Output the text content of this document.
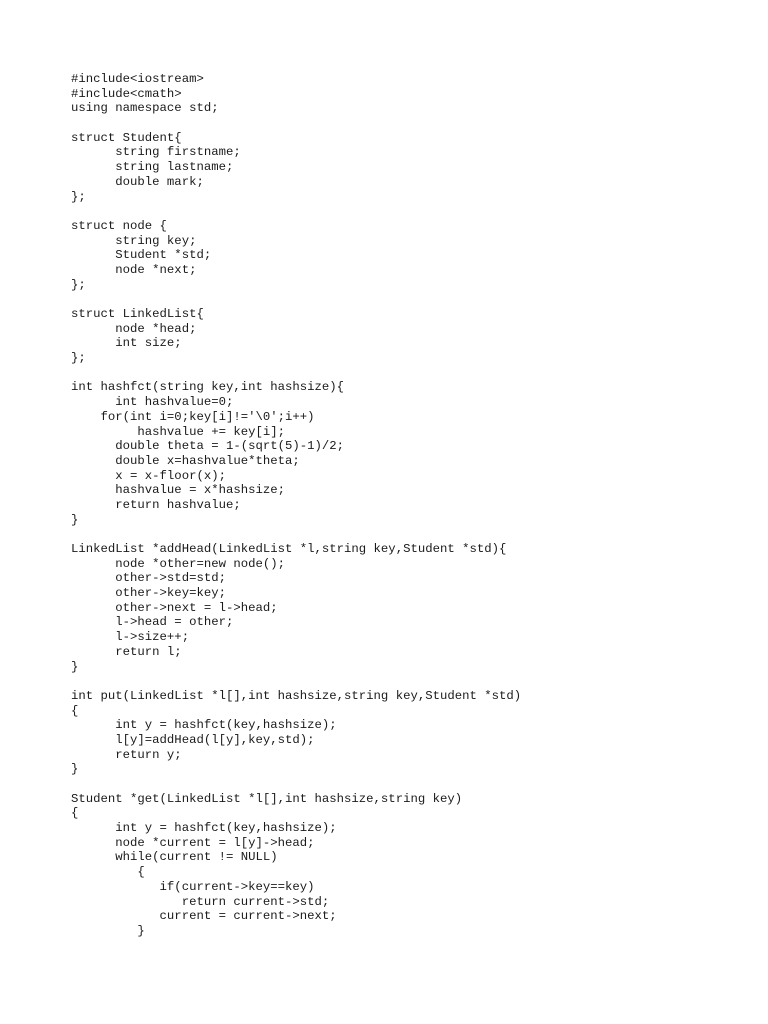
#include<iostream>
#include<cmath>
using namespace std;
struct Student{
string firstname;
string lastname;
double mark;
};
struct node {
string key;
Student *std;
node *next;
};
struct LinkedList{
node *head;
int size;
};
int hashfct(string key,int hashsize){
int hashvalue=0;
for(int i=0;key[i]!='\0';i++)
hashvalue += key[i];
double theta = 1-(sqrt(5)-1)/2;
double x=hashvalue*theta;
x = x-floor(x);
hashvalue = x*hashsize;
return hashvalue;
}
LinkedList *addHead(LinkedList *l,string key,Student *std){
node *other=new node();
other->std=std;
other->key=key;
other->next = l->head;
l->head = other;
l->size++;
return l;
}
int put(LinkedList *l[],int hashsize,string key,Student *std)
{
int y = hashfct(key,hashsize);
l[y]=addHead(l[y],key,std);
return y;
}
Student *get(LinkedList *l[],int hashsize,string key)
{
int y = hashfct(key,hashsize);
node *current = l[y]->head;
while(current != NULL)
{
if(current->key==key)
return current->std;
current = current->next;
}
